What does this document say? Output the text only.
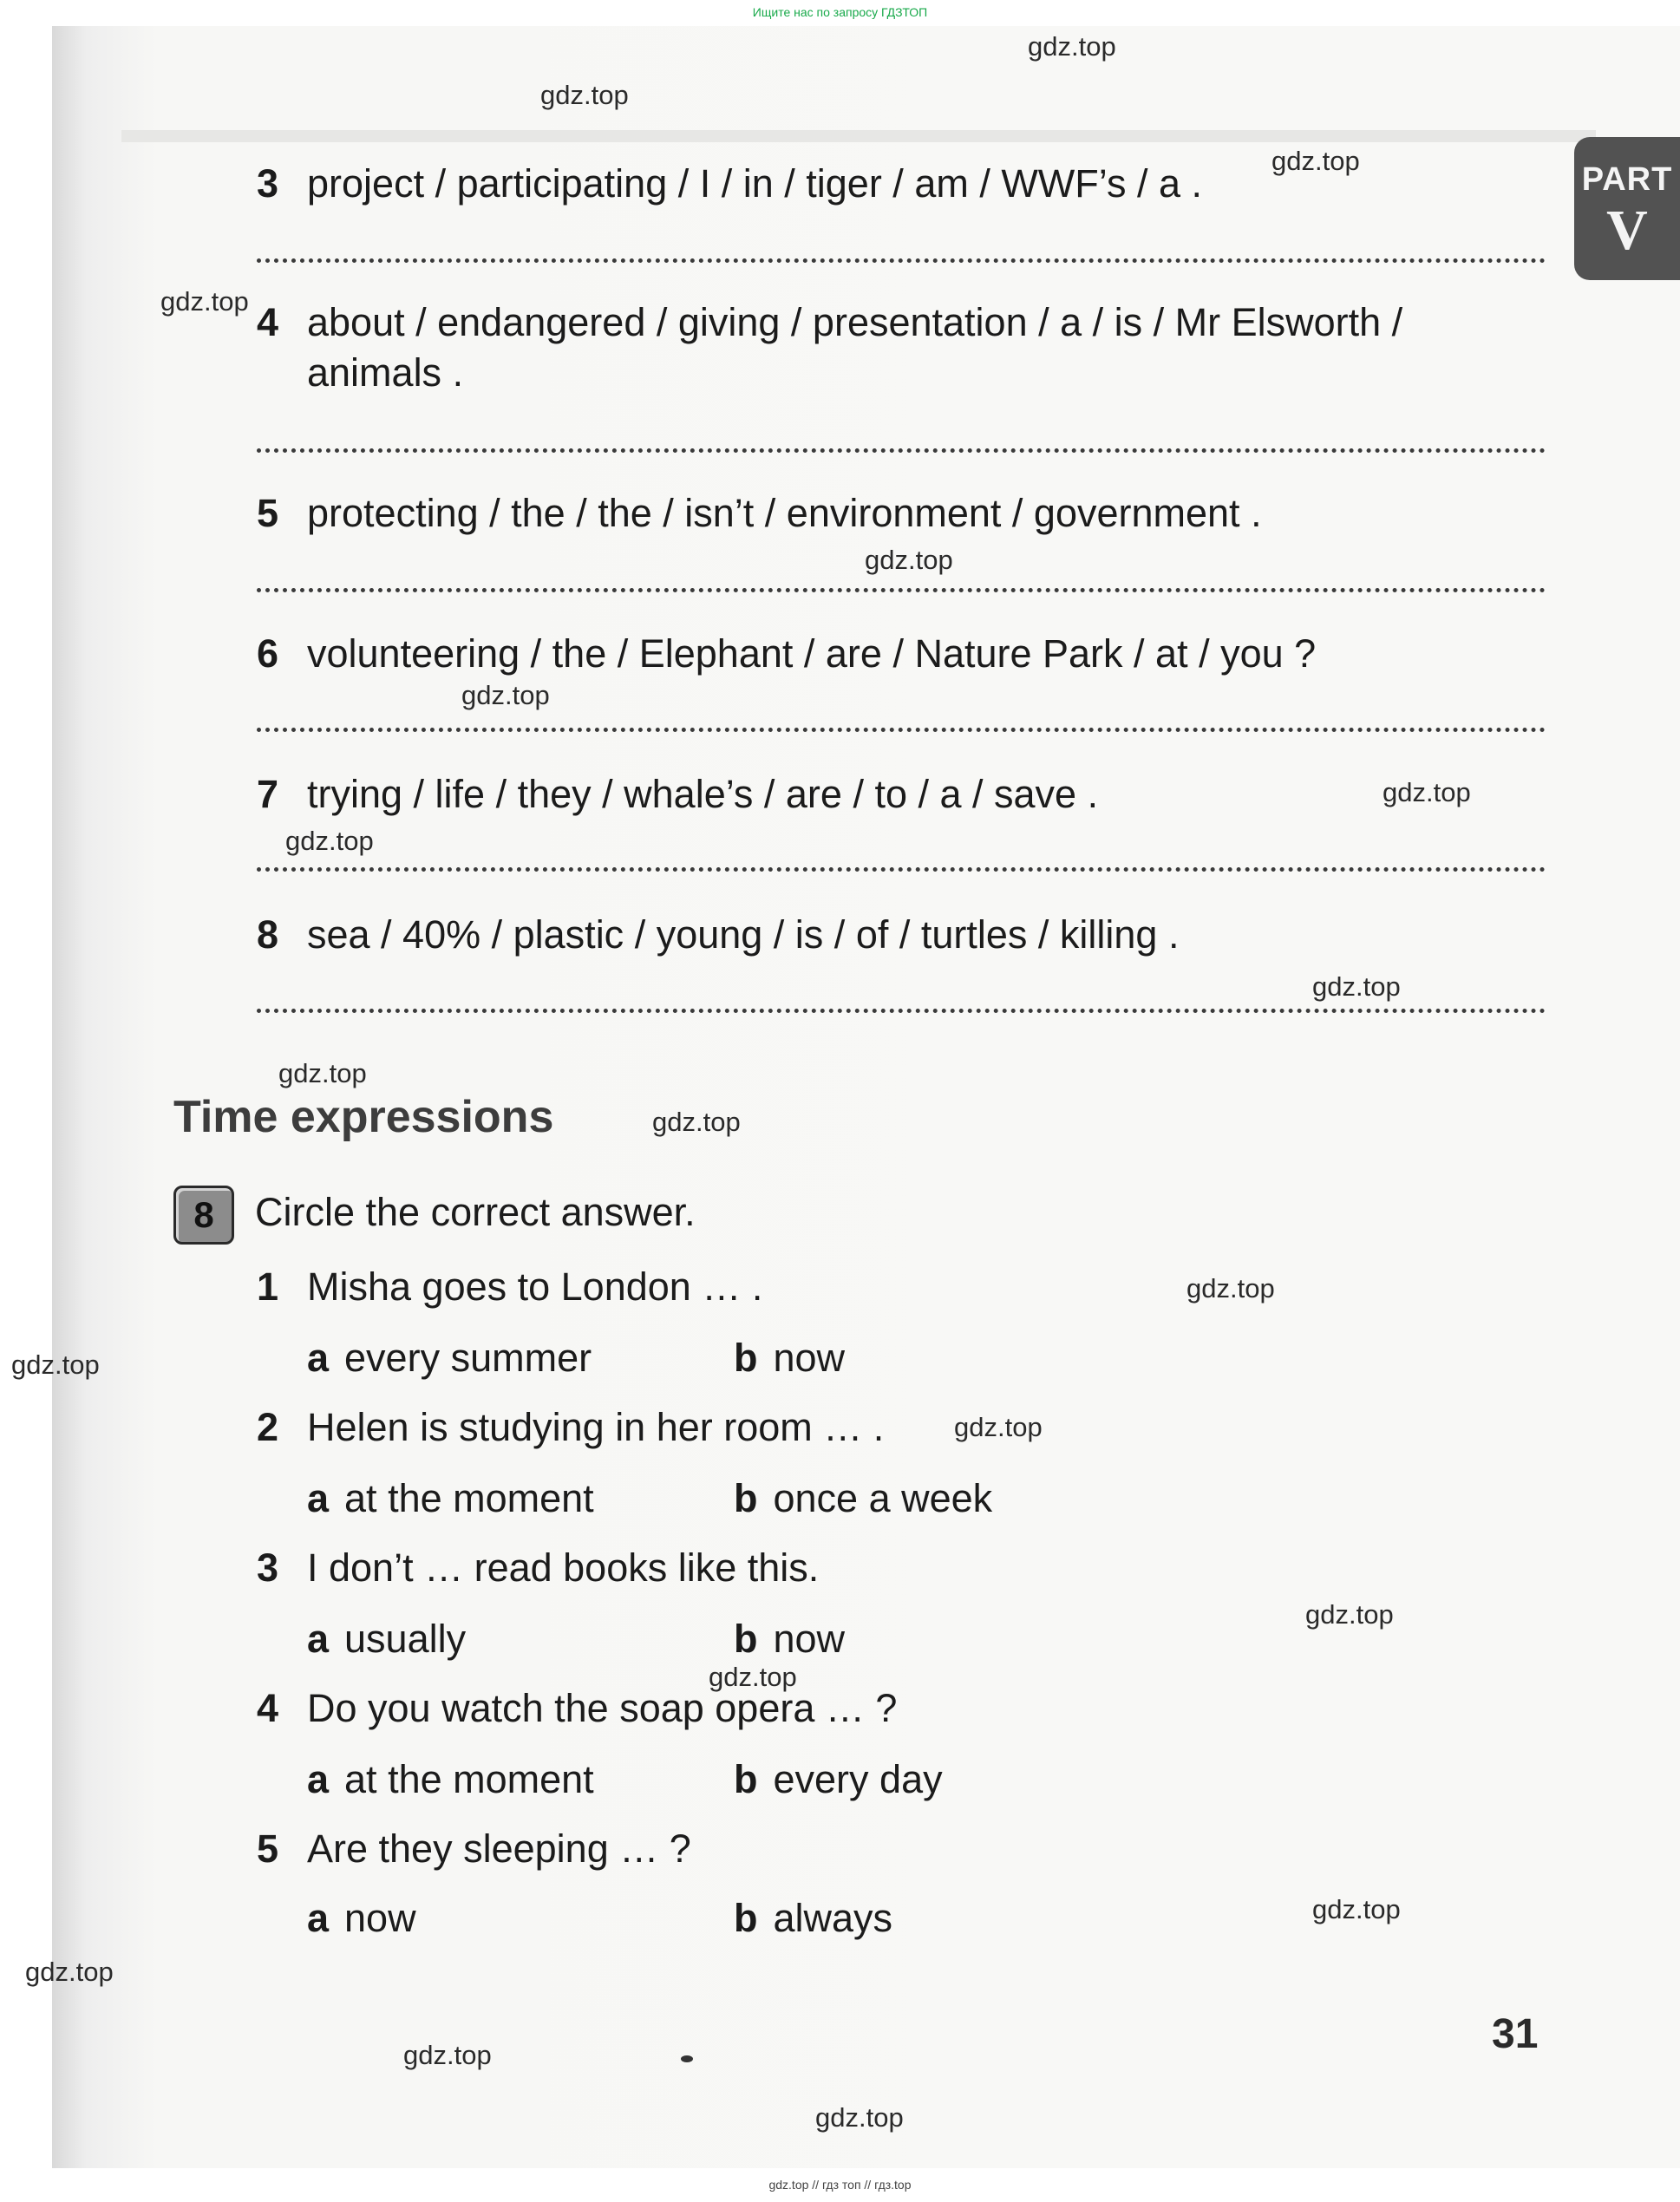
Ищите нас по запросу ГДЗТОП
PART
V
gdz.top
gdz.top
gdz.top
gdz.top
gdz.top
gdz.top
gdz.top
gdz.top
gdz.top
gdz.top
gdz.top
gdz.top
gdz.top
gdz.top
gdz.top
gdz.top
gdz.top
gdz.top
gdz.top
gdz.top
3 project / participating / I / in / tiger / am / WWF’s / a .
4 about / endangered / giving / presentation / a / is / Mr Elsworth /
animals .
5 protecting / the / the / isn’t / environment / government .
6 volunteering / the / Elephant / are / Nature Park / at / you ?
7 trying / life / they / whale’s / are / to / a / save .
8 sea / 40% / plastic / young / is / of / turtles / killing .
Time expressions
8	Circle the correct answer.
1 Misha goes to London … .
a every summer	b now
2 Helen is studying in her room … .
a at the moment	b once a week
3 I don’t … read books like this.
a usually	b now
4 Do you watch the soap opera … ?
a at the moment	b every day
5 Are they sleeping … ?
a now	b always
31
gdz.top // гдз топ // гдз.top
